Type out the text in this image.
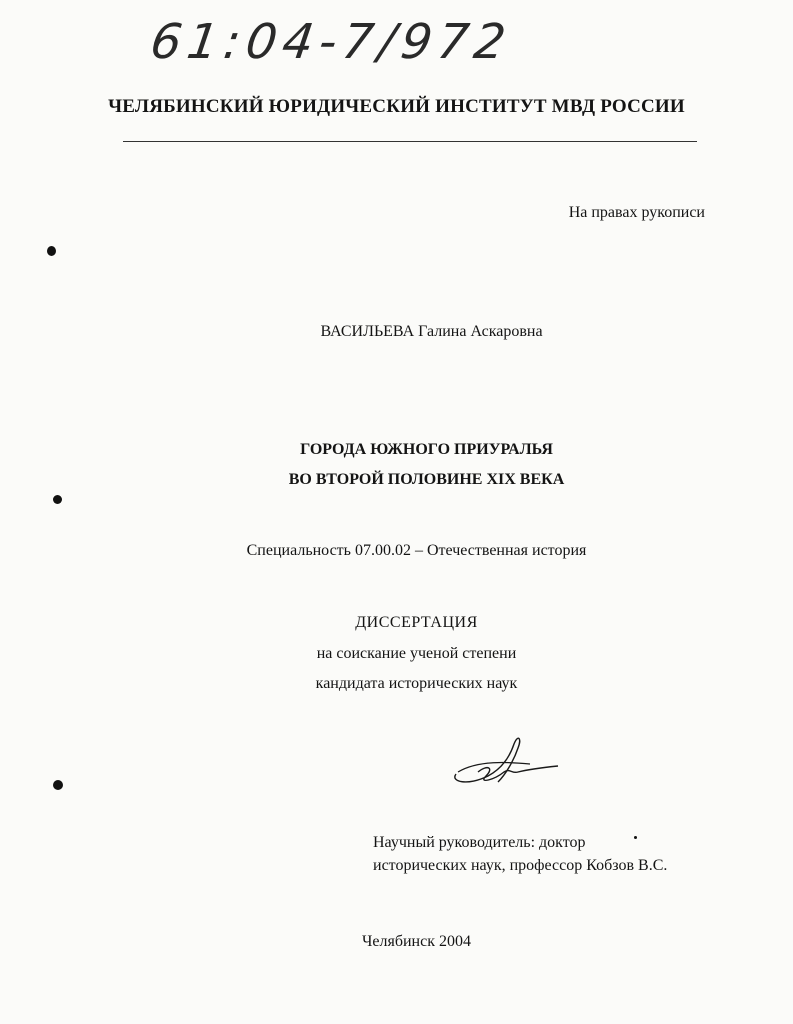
61:04-7/972
ЧЕЛЯБИНСКИЙ ЮРИДИЧЕСКИЙ ИНСТИТУТ МВД РОССИИ
На правах рукописи
ВАСИЛЬЕВА Галина Аскаровна
ГОРОДА ЮЖНОГО ПРИУРАЛЬЯ
ВО ВТОРОЙ ПОЛОВИНЕ XIX ВЕКА
Специальность 07.00.02 – Отечественная история
ДИССЕРТАЦИЯ
на соискание ученой степени
кандидата исторических наук
Научный руководитель: доктор
исторических наук, профессор Кобзов В.С.
Челябинск 2004
